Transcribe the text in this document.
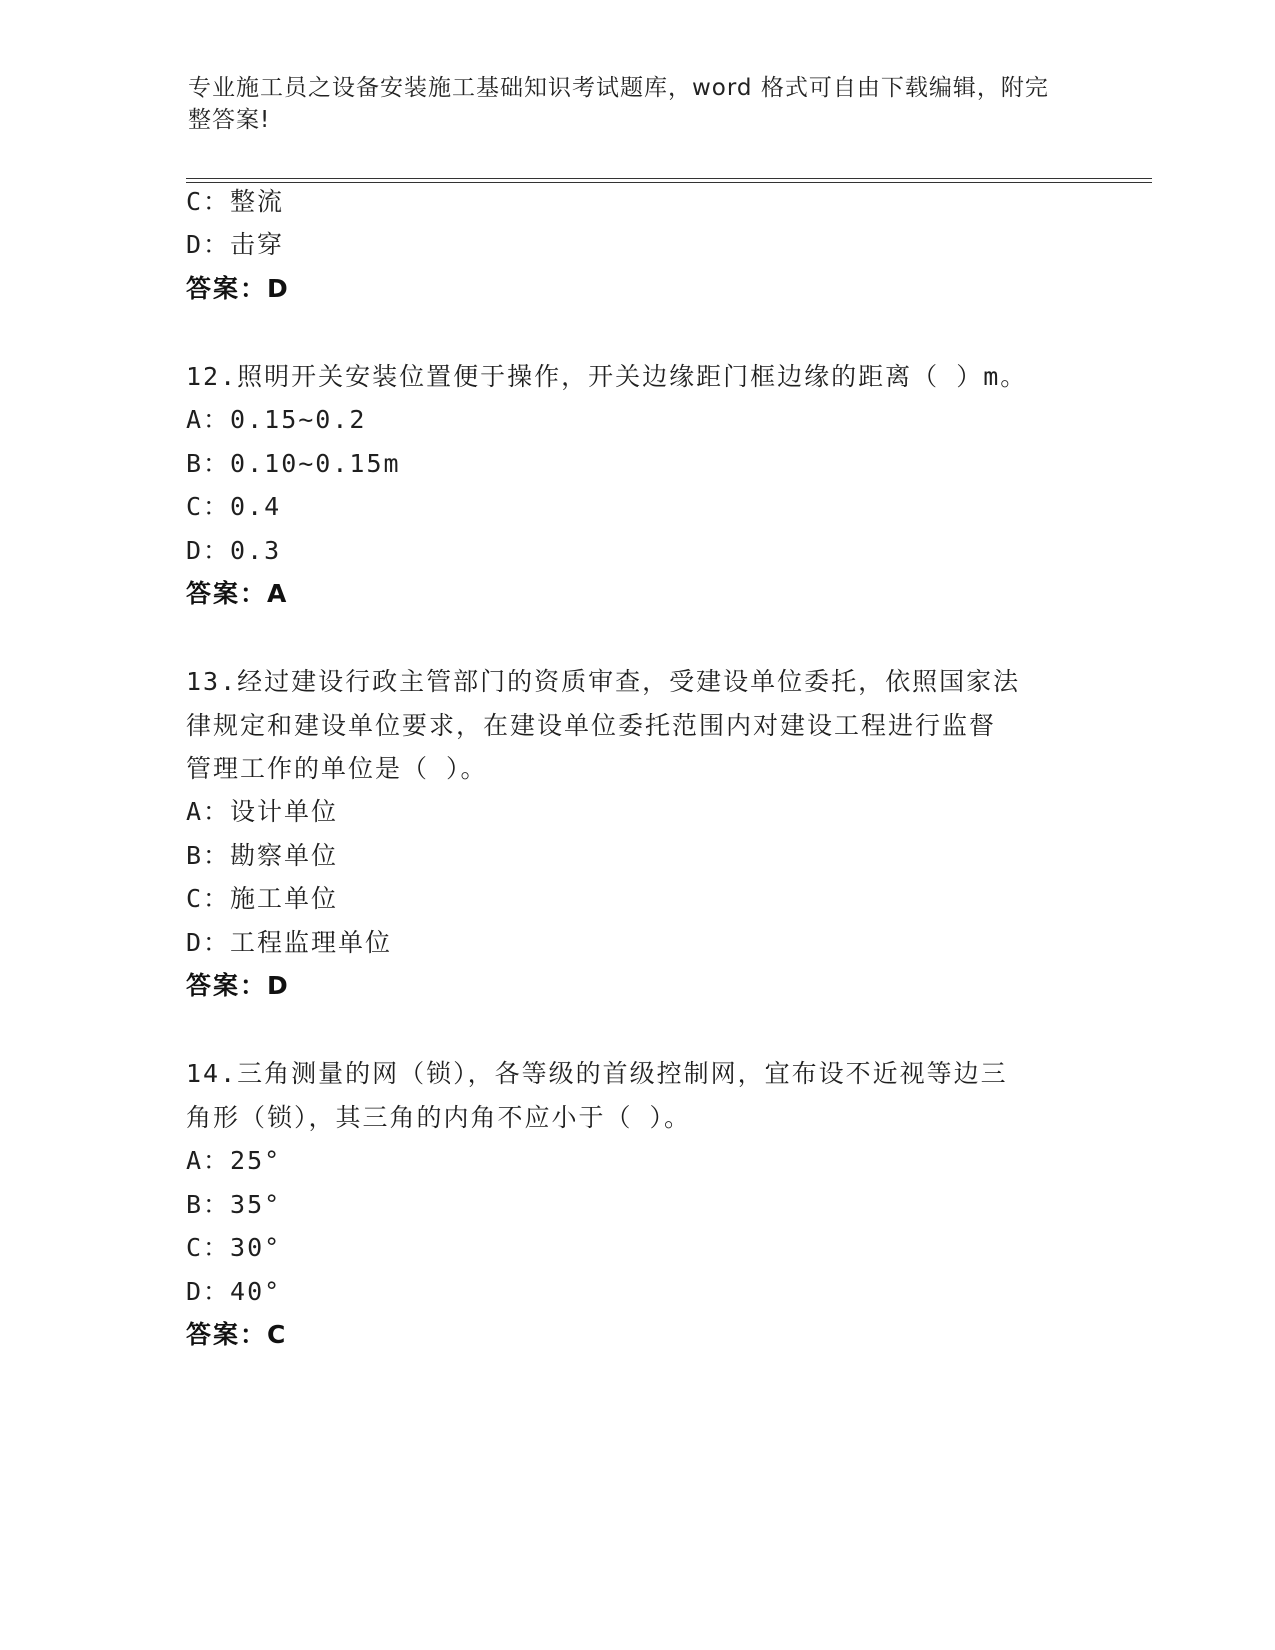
专业施工员之设备安装施工基础知识考试题库，word 格式可自由下载编辑，附完
整答案!
C：整流
D：击穿
答案：D
12.照明开关安装位置便于操作，开关边缘距门框边缘的距离（ ）m。
A：0.15~0.2
B：0.10~0.15m
C：0.4
D：0.3
答案：A
13.经过建设行政主管部门的资质审查，受建设单位委托，依照国家法
律规定和建设单位要求，在建设单位委托范围内对建设工程进行监督
管理工作的单位是（ ）。
A：设计单位
B：勘察单位
C：施工单位
D：工程监理单位
答案：D
14.三角测量的网（锁），各等级的首级控制网，宜布设不近视等边三
角形（锁），其三角的内角不应小于（ ）。
A：25°
B：35°
C：30°
D：40°
答案：C
